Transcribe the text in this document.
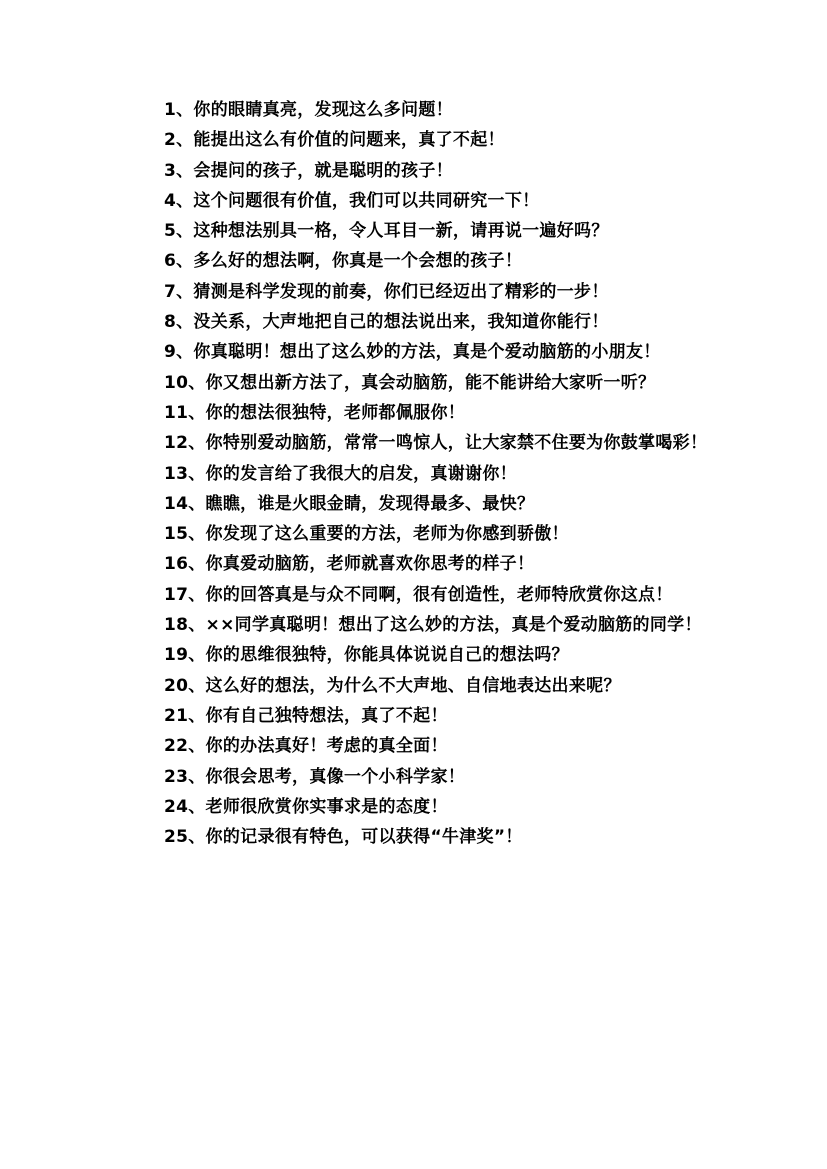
1、你的眼睛真亮，发现这么多问题！

2、能提出这么有价值的问题来，真了不起！

3、会提问的孩子，就是聪明的孩子！

4、这个问题很有价值，我们可以共同研究一下！

5、这种想法别具一格，令人耳目一新，请再说一遍好吗？

6、多么好的想法啊，你真是一个会想的孩子！

7、猜测是科学发现的前奏，你们已经迈出了精彩的一步！

8、没关系，大声地把自己的想法说出来，我知道你能行！

9、你真聪明！想出了这么妙的方法，真是个爱动脑筋的小朋友！

10、你又想出新方法了，真会动脑筋，能不能讲给大家听一听？

11、你的想法很独特，老师都佩服你！

12、你特别爱动脑筋，常常一鸣惊人，让大家禁不住要为你鼓掌喝彩！

13、你的发言给了我很大的启发，真谢谢你！

14、瞧瞧，谁是火眼金睛，发现得最多、最快？

15、你发现了这么重要的方法，老师为你感到骄傲！

16、你真爱动脑筋，老师就喜欢你思考的样子！

17、你的回答真是与众不同啊，很有创造性，老师特欣赏你这点！

18、××同学真聪明！想出了这么妙的方法，真是个爱动脑筋的同学！

19、你的思维很独特，你能具体说说自己的想法吗？

20、这么好的想法，为什么不大声地、自信地表达出来呢？

21、你有自己独特想法，真了不起！

22、你的办法真好！考虑的真全面！

23、你很会思考，真像一个小科学家！

24、老师很欣赏你实事求是的态度！

25、你的记录很有特色，可以获得“牛津奖”！
